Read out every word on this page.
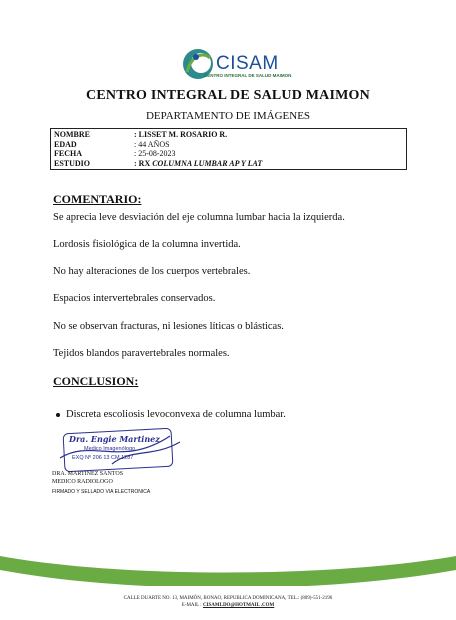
CISAM
CENTRO INTEGRAL DE SALUD MAIMON
CENTRO INTEGRAL DE SALUD MAIMON
DEPARTAMENTO DE IMÁGENES
NOMBRE	: LISSET M. ROSARIO R.
EDAD	: 44 AÑOS
FECHA	: 25-08-2023
ESTUDIO	: RX COLUMNA LUMBAR AP Y LAT
COMENTARIO:
Se aprecia leve desviación del eje columna lumbar hacia la izquierda.
Lordosis fisiológica de la columna invertida.
No hay alteraciones de los cuerpos vertebrales.
Espacios intervertebrales conservados.
No se observan fracturas, ni lesiones líticas o blásticas.
Tejidos blandos paravertebrales normales.
CONCLUSION:
Discreta escoliosis levoconvexa de columna lumbar.
Dra. Engie Martinez
Medico Imagenólogo
EXQ Nº 206 13 CM 1287
DRA. MARTINEZ SANTOS
MEDICO RADIOLOGO
FIRMADO Y SELLADO VIA ELECTRONICA
CALLE DUARTE NO. 13, MAIMÓN, BONAO, REPUBLICA DOMINICANA, TEL.: (809)-551-2196
E-MAIL : CISAMLDO@HOTMAIL .COM
